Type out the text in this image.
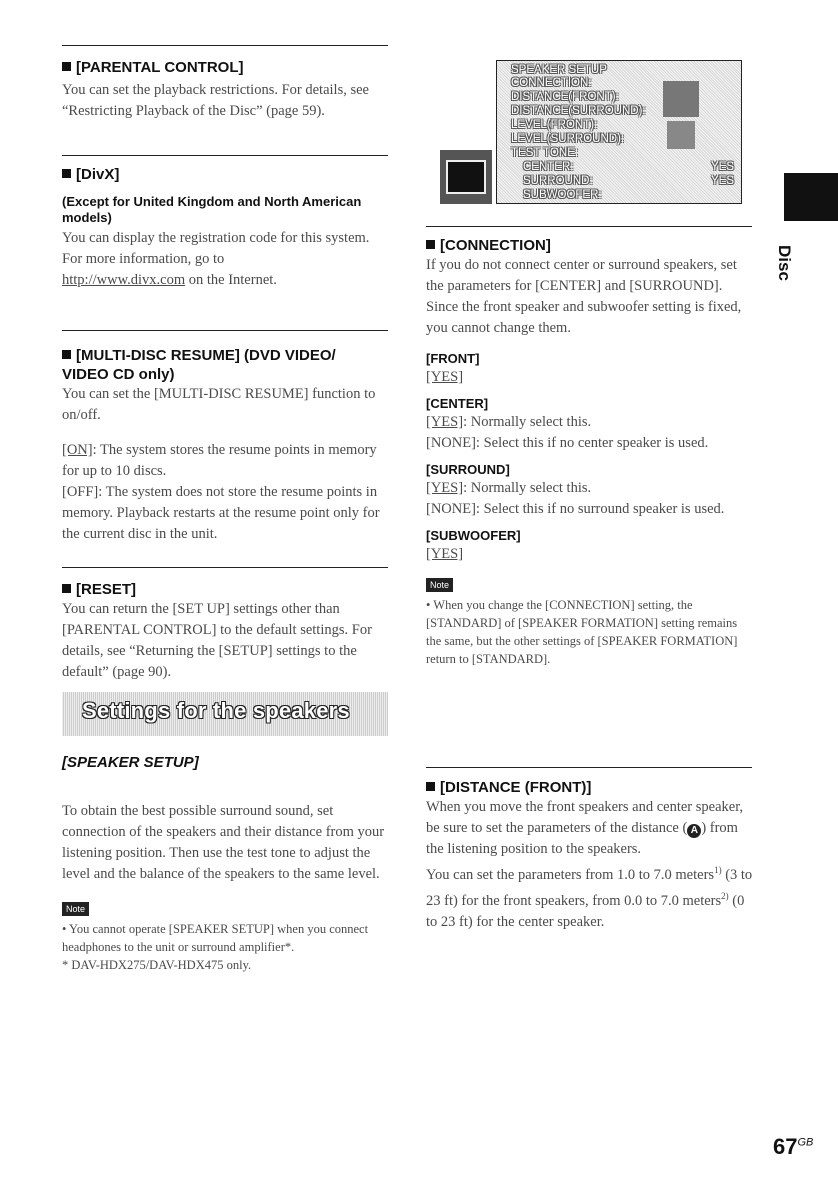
[PARENTAL CONTROL]
You can set the playback restrictions. For details, see “Restricting Playback of the Disc” (page 59).
[DivX]
(Except for United Kingdom and North American models)
You can display the registration code for this system.
For more information, go to
http://www.divx.com on the Internet.
[MULTI-DISC RESUME] (DVD VIDEO/
VIDEO CD only)
You can set the [MULTI-DISC RESUME] function to on/off.
[ON]: The system stores the resume points in memory for up to 10 discs.
[OFF]: The system does not store the resume points in memory. Playback restarts at the resume point only for the current disc in the unit.
[RESET]
You can return the [SET UP] settings other than [PARENTAL CONTROL] to the default settings. For details, see “Returning the [SETUP] settings to the default” (page 90).
Settings for the speakers
[SPEAKER SETUP]
To obtain the best possible surround sound, set connection of the speakers and their distance from your listening position. Then use the test tone to adjust the level and the balance of the speakers to the same level.
Note
• You cannot operate [SPEAKER SETUP] when you connect headphones to the unit or surround amplifier*.
* DAV-HDX275/DAV-HDX475 only.
SPEAKER SETUP
CONNECTION:
DISTANCE(FRONT):
DISTANCE(SURROUND):
LEVEL(FRONT):
LEVEL(SURROUND):
TEST TONE:
CENTER:	YES
SURROUND:	YES
SUBWOOFER:
[CONNECTION]
If you do not connect center or surround speakers, set the parameters for [CENTER] and [SURROUND]. Since the front speaker and subwoofer setting is fixed, you cannot change them.
[FRONT]
[YES]
[CENTER]
[YES]: Normally select this.
[NONE]: Select this if no center speaker is used.
[SURROUND]
[YES]: Normally select this.
[NONE]: Select this if no surround speaker is used.
[SUBWOOFER]
[YES]
Note
• When you change the [CONNECTION] setting, the [STANDARD] of [SPEAKER FORMATION] setting remains the same, but the other settings of [SPEAKER FORMATION] return to [STANDARD].
[DISTANCE (FRONT)]
When you move the front speakers and center speaker, be sure to set the parameters of the distance ( A ) from the listening position to the speakers.
You can set the parameters from 1.0 to 7.0 meters$^{1)}$ (3 to 23 ft) for the front speakers, from 0.0 to 7.0 meters$^{2)}$ (0 to 23 ft) for the center speaker.
Disc
$67^{GB}$
